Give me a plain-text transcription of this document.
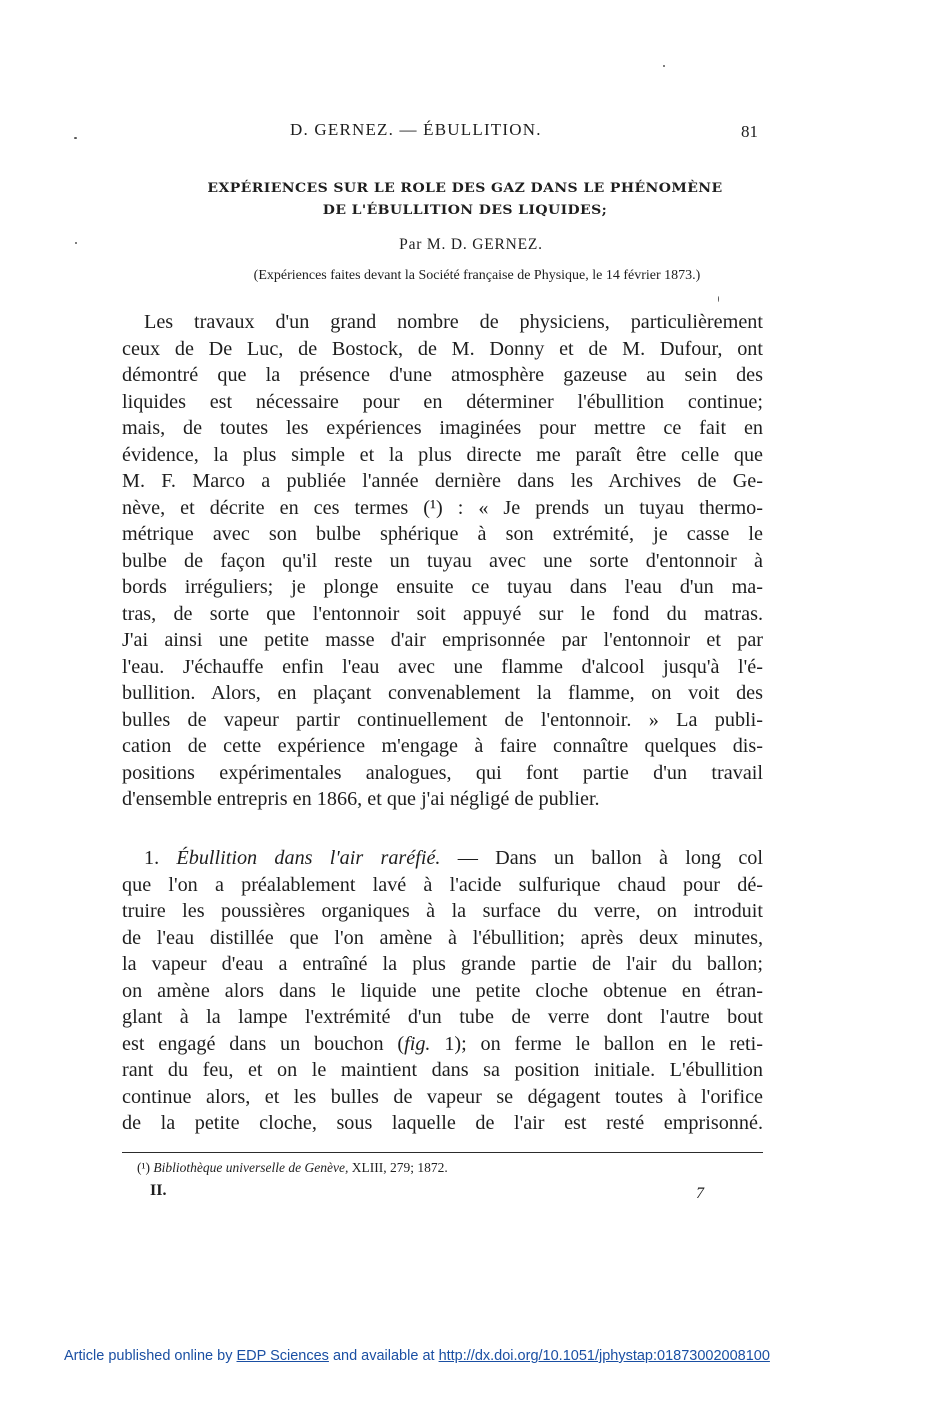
D. GERNEZ. — ÉBULLITION.	81
EXPÉRIENCES SUR LE ROLE DES GAZ DANS LE PHÉNOMÈNE
DE L'ÉBULLITION DES LIQUIDES;
Par M. D. GERNEZ.
(Expériences faites devant la Société française de Physique, le 14 février 1873.)
Les travaux d'un grand nombre de physiciens, particulièrement
ceux de De Luc, de Bostock, de M. Donny et de M. Dufour, ont
démontré que la présence d'une atmosphère gazeuse au sein des
liquides est nécessaire pour en déterminer l'ébullition continue;
mais, de toutes les expériences imaginées pour mettre ce fait en
évidence, la plus simple et la plus directe me paraît être celle que
M. F. Marco a publiée l'année dernière dans les Archives de Ge-
nève, et décrite en ces termes (¹) : « Je prends un tuyau thermo-
métrique avec son bulbe sphérique à son extrémité, je casse le
bulbe de façon qu'il reste un tuyau avec une sorte d'entonnoir à
bords irréguliers; je plonge ensuite ce tuyau dans l'eau d'un ma-
tras, de sorte que l'entonnoir soit appuyé sur le fond du matras.
J'ai ainsi une petite masse d'air emprisonnée par l'entonnoir et par
l'eau. J'échauffe enfin l'eau avec une flamme d'alcool jusqu'à l'é-
bullition. Alors, en plaçant convenablement la flamme, on voit des
bulles de vapeur partir continuellement de l'entonnoir. » La publi-
cation de cette expérience m'engage à faire connaître quelques dis-
positions expérimentales analogues, qui font partie d'un travail
d'ensemble entrepris en 1866, et que j'ai négligé de publier.
1. Ébullition dans l'air raréfié. — Dans un ballon à long col
que l'on a préalablement lavé à l'acide sulfurique chaud pour dé-
truire les poussières organiques à la surface du verre, on introduit
de l'eau distillée que l'on amène à l'ébullition; après deux minutes,
la vapeur d'eau a entraîné la plus grande partie de l'air du ballon;
on amène alors dans le liquide une petite cloche obtenue en étran-
glant à la lampe l'extrémité d'un tube de verre dont l'autre bout
est engagé dans un bouchon (fig. 1); on ferme le ballon en le reti-
rant du feu, et on le maintient dans sa position initiale. L'ébullition
continue alors, et les bulles de vapeur se dégagent toutes à l'orifice
de la petite cloche, sous laquelle de l'air est resté emprisonné.
(¹) Bibliothèque universelle de Genève, XLIII, 279; 1872.
II.	7
Article published online by EDP Sciences and available at http://dx.doi.org/10.1051/jphystap:01873002008100
